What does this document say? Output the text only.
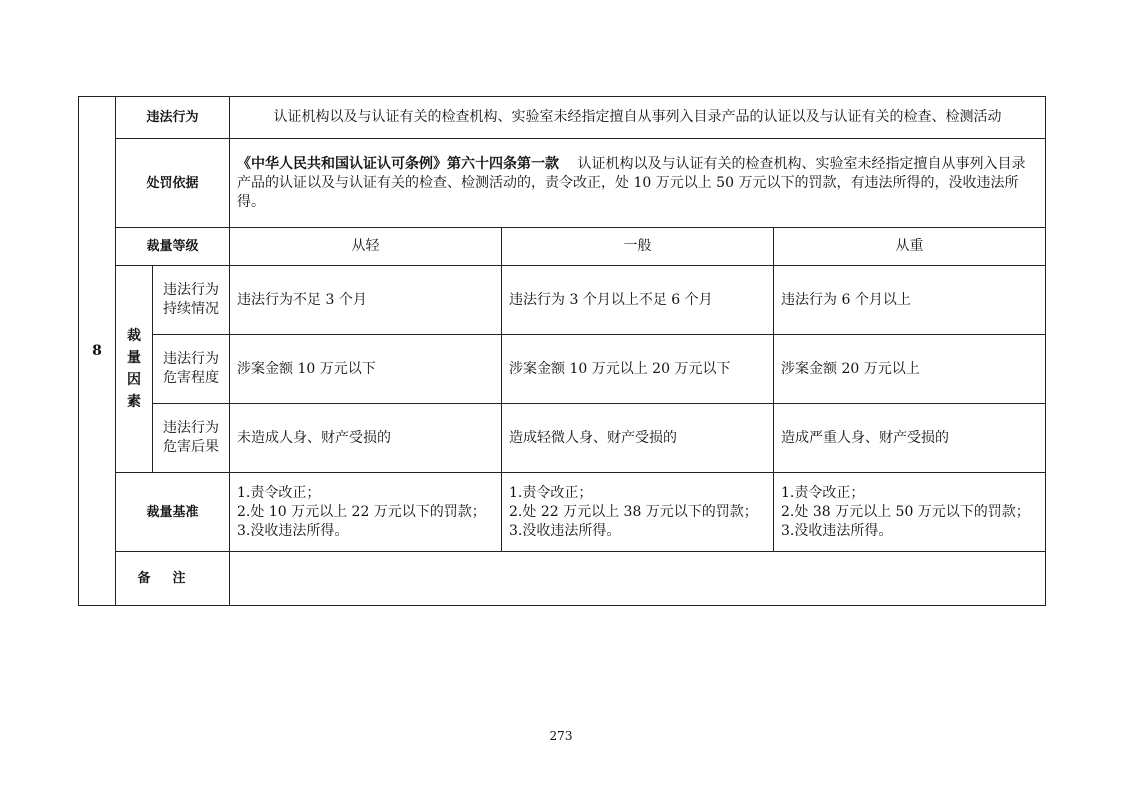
8	违法行为		认证机构以及与认证有关的检查机构、实验室未经指定擅自从事列入目录产品的认证以及与认证有关的检查、检测活动		
	处罚依据		《中华人民共和国认证认可条例》第六十四条第一款　 认证机构以及与认证有关的检查机构、实验室未经指定擅自从事列入目录产品的认证以及与认证有关的检查、检测活动的，责令改正，处 10 万元以上 50 万元以下的罚款，有违法所得的，没收违法所得。		
	裁量等级		从轻	一般	从重

	裁
量
因
素	违法行为
持续情况	违法行为不足 3 个月	违法行为 3 个月以上不足 6 个月	违法行为 6 个月以上

		违法行为
危害程度	涉案金额 10 万元以下	涉案金额 10 万元以上 20 万元以下	涉案金额 20 万元以上

		违法行为
危害后果	未造成人身、财产受损的	造成轻微人身、财产受损的	造成严重人身、财产受损的
	裁量基准		1.责令改正；
2.处 10 万元以上 22 万元以下的罚款；
3.没收违法所得。	1.责令改正；
2.处 22 万元以上 38 万元以下的罚款；
3.没收违法所得。	1.责令改正；
2.处 38 万元以上 50 万元以下的罚款；
3.没收违法所得。

	备注				
273
